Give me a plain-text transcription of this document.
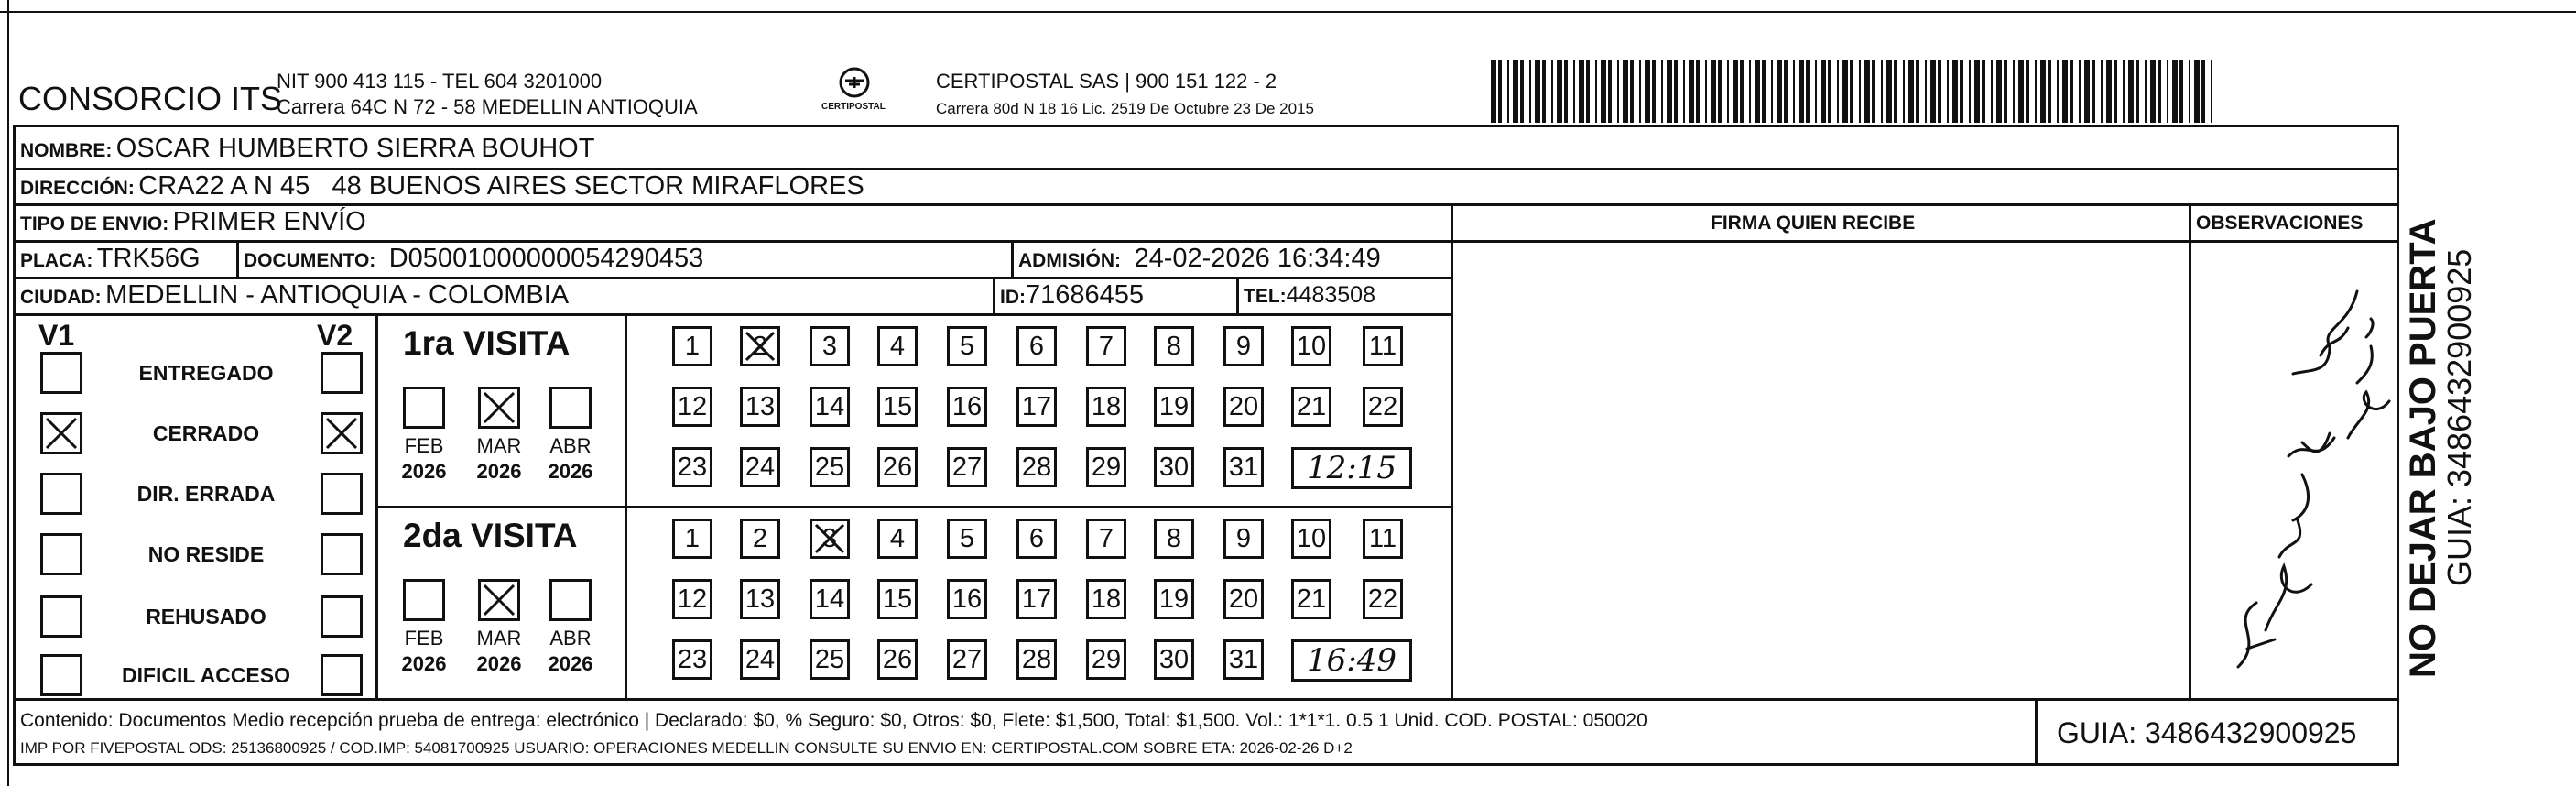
CONSORCIO ITS
NIT 900 413 115 - TEL 604 3201000
Carrera 64C N 72 - 58 MEDELLIN ANTIOQUIA	CERTIPOSTAL
CERTIPOSTAL SAS | 900 151 122 - 2
Carrera 80d N 18 16 Lic. 2519 De Octubre 23 De 2015
NOMBRE: OSCAR HUMBERTO SIERRA BOUHOT
DIRECCIÓN: CRA22 A N 45   48 BUENOS AIRES SECTOR MIRAFLORES
TIPO DE ENVIO: PRIMER ENVÍO	FIRMA QUIEN RECIBE	OBSERVACIONES
PLACA: TRK56G DOCUMENTO: D05001000000054290453	ADMISIÓN: 24-02-2026 16:34:49
CIUDAD: MEDELLIN - ANTIOQUIA - COLOMBIA	ID:71686455	TEL:4483508
V1	V2
ENTREGADO
CERRADO
DIR. ERRADA
NO RESIDE
REHUSADO
DIFICIL ACCESO
1ra VISITA
FEB
2026
MAR
2026
ABR
2026
1 2 3 4 5 6 7 8 9 10 11
12 13 14 15 16 17 18 19 20 21 22
23 24 25 26 27 28 29 30 31 12:15
2da VISITA
FEB
2026
MAR
2026
ABR
2026
1 2 3 4 5 6 7 8 9 10 11
12 13 14 15 16 17 18 19 20 21 22
23 24 25 26 27 28 29 30 31 16:49
Contenido: Documentos Medio recepción prueba de entrega: electrónico | Declarado: $0, % Seguro: $0, Otros: $0, Flete: $1,500, Total: $1,500. Vol.: 1*1*1. 0.5 1 Unid. COD. POSTAL: 050020
IMP POR FIVEPOSTAL ODS: 25136800925 / COD.IMP: 54081700925 USUARIO: OPERACIONES MEDELLIN CONSULTE SU ENVIO EN: CERTIPOSTAL.COM SOBRE ETA: 2026-02-26 D+2	GUIA: 3486432900925
NO DEJAR BAJO PUERTA
GUIA: 3486432900925
